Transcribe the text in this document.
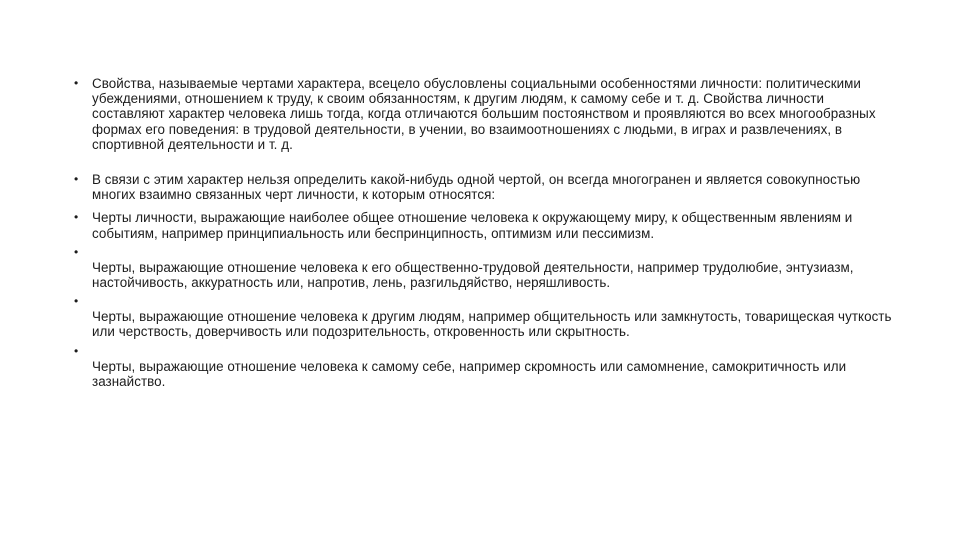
• Свойства, называемые чертами характера, всецело обусловлены социальными особенностями личности: политическими убеждениями, отношением к труду, к своим обязанностям, к другим людям, к самому себе и т. д. Свойства личности составляют характер человека лишь тогда, когда отличаются большим постоянством и проявляются во всех многообразных формах его поведения: в трудовой деятельности, в учении, во взаимоотношениях с людьми, в играх и развлечениях, в спортивной деятельности и т. д.
• В связи с этим характер нельзя определить какой-нибудь одной чертой, он всегда многогранен и является совокупностью многих взаимно связанных черт личности, к которым относятся:
• Черты личности, выражающие наиболее общее отношение человека к окружающему миру, к общественным явлениям и событиям, например принципиальность или беспринципность, оптимизм или пессимизм.
•
Черты, выражающие отношение человека к его общественно-трудовой деятельности, например трудолюбие, энтузиазм, настойчивость, аккуратность или, напротив, лень, разгильдяйство, неряшливость.
•
Черты, выражающие отношение человека к другим людям, например общительность или замкнутость, товарищеская чуткость или черствость, доверчивость или подозрительность, откровенность или скрытность.
•
Черты, выражающие отношение человека к самому себе, например скромность или самомнение, самокритичность или зазнайство.
